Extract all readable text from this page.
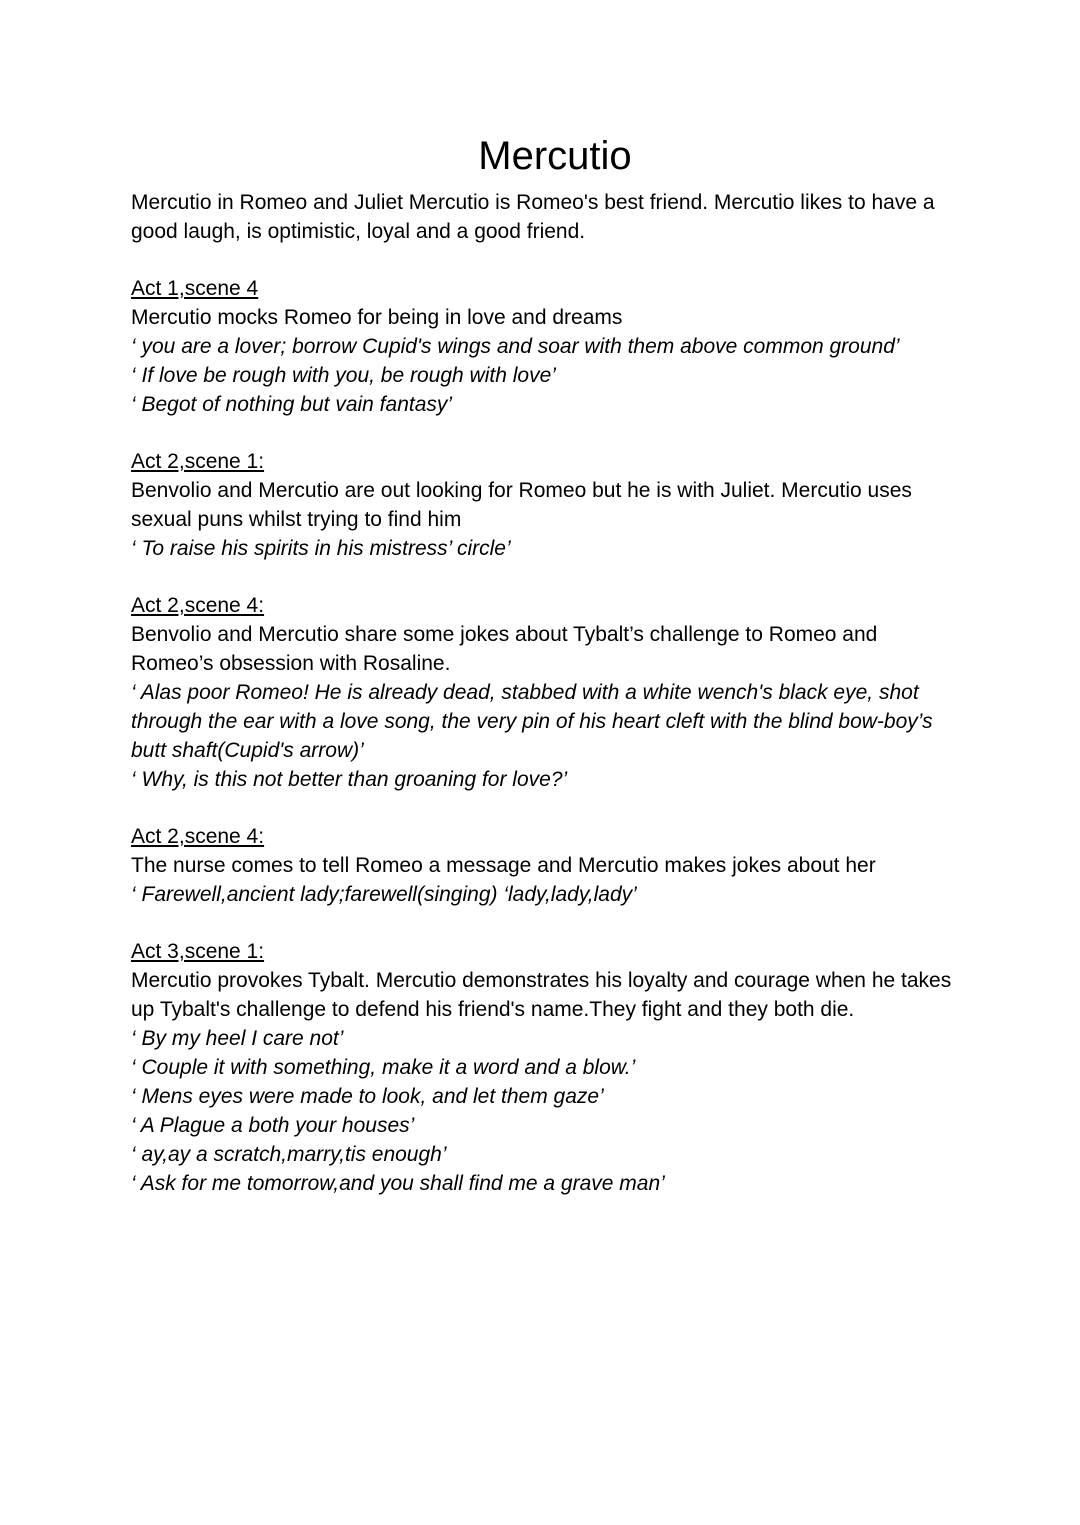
Mercutio

Mercutio in Romeo and Juliet Mercutio is Romeo's best friend. Mercutio likes to have a good laugh, is optimistic, loyal and a good friend.

Act 1,scene 4

Mercutio mocks Romeo for being in love and dreams

‘ you are a lover; borrow Cupid's wings and soar with them above common ground’

‘ If love be rough with you, be rough with love’

‘ Begot of nothing but vain fantasy’

Act 2,scene 1:

Benvolio and Mercutio are out looking for Romeo but he is with Juliet. Mercutio uses sexual puns whilst trying to find him

‘ To raise his spirits in his mistress’ circle’

Act 2,scene 4:

Benvolio and Mercutio share some jokes about Tybalt’s challenge to Romeo and Romeo’s obsession with Rosaline.

‘ Alas poor Romeo! He is already dead, stabbed with a white wench's black eye, shot through the ear with a love song, the very pin of his heart cleft with the blind bow-boy’s butt shaft(Cupid's arrow)’

‘ Why, is this not better than groaning for love?’

Act 2,scene 4:

The nurse comes to tell Romeo a message and Mercutio makes jokes about her

‘ Farewell,ancient lady;farewell(singing) ‘lady,lady,lady’

Act 3,scene 1:

Mercutio provokes Tybalt. Mercutio demonstrates his loyalty and courage when he takes up Tybalt's challenge to defend his friend's name.They fight and they both die.

‘ By my heel I care not’

‘ Couple it with something, make it a word and a blow.’

‘ Mens eyes were made to look, and let them gaze’

‘ A Plague a both your houses’

‘ ay,ay a scratch,marry,tis enough’

‘ Ask for me tomorrow,and you shall find me a grave man’
